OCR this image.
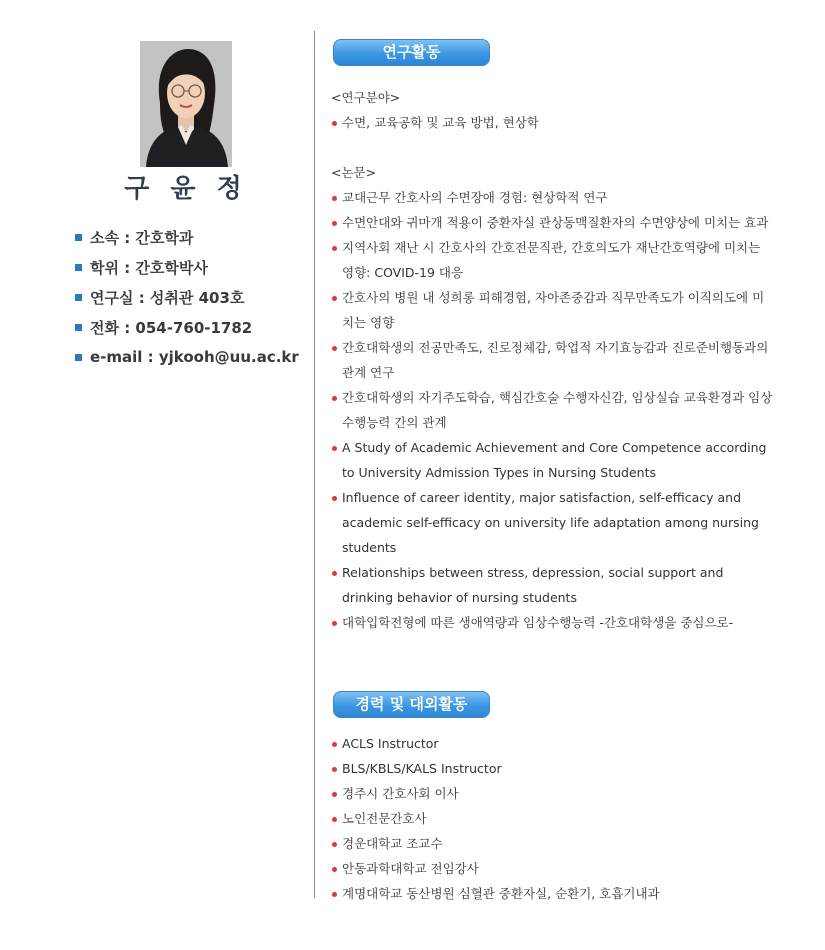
구 윤 정
소속 : 간호학과
학위 : 간호학박사
연구실 : 성취관 403호
전화 : 054-760-1782
e-mail : yjkooh@uu.ac.kr
연구활동
<연구분야>
수면, 교육공학 및 교육 방법, 현상학
<논문>
교대근무 간호사의 수면장애 경험: 현상학적 연구
수면안대와 귀마개 적용이 중환자실 관상동맥질환자의 수면양상에 미치는 효과
지역사회 재난 시 간호사의 간호전문직관, 간호의도가 재난간호역량에 미치는 영향: COVID-19 대응
간호사의 병원 내 성희롱 피해경험, 자아존중감과 직무만족도가 이직의도에 미치는 영향
간호대학생의 전공만족도, 진로정체감, 학업적 자기효능감과 진로준비행동과의 관계 연구
간호대학생의 자기주도학습, 핵심간호술 수행자신감, 임상실습 교육환경과 임상수행능력 간의 관계
A Study of Academic Achievement and Core Competence according to University Admission Types in Nursing Students
Influence of career identity, major satisfaction, self-efficacy and academic self-efficacy on university life adaptation among nursing students
Relationships between stress, depression, social support and drinking behavior of nursing students
대학입학전형에 따른 생애역량과 임상수행능력 -간호대학생을 중심으로-
경력 및 대외활동
ACLS Instructor
BLS/KBLS/KALS Instructor
경주시 간호사회 이사
노인전문간호사
경운대학교 조교수
안동과학대학교 전임강사
계명대학교 동산병원 심혈관 중환자실, 순환기, 호흡기내과
